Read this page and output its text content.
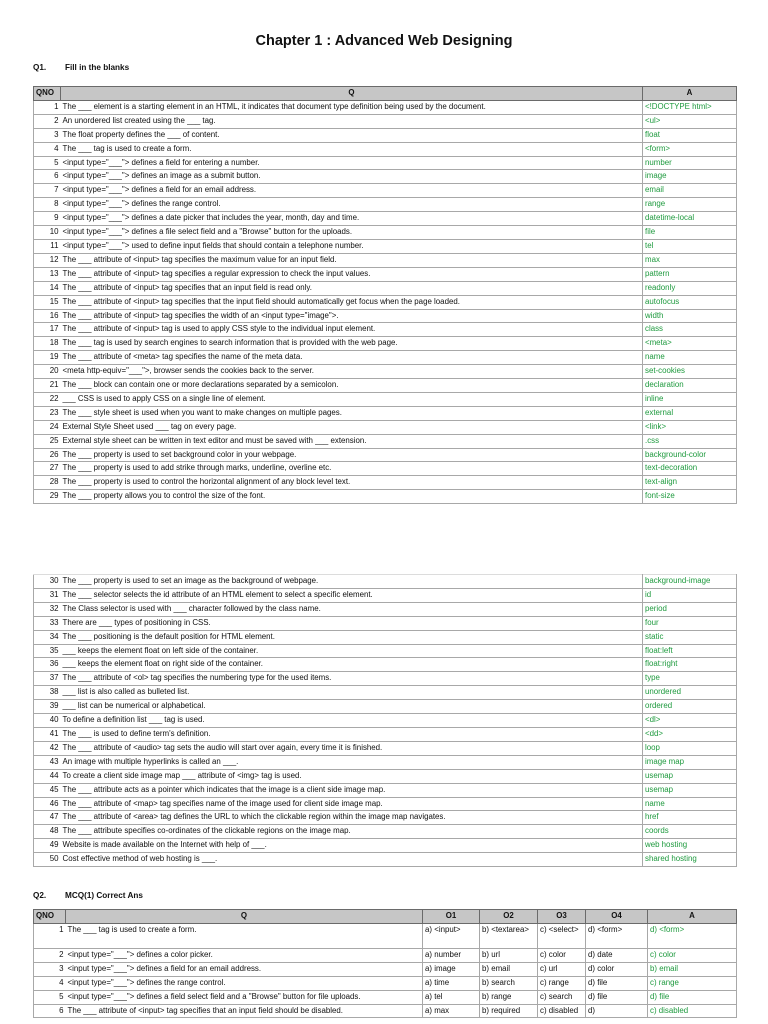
Chapter 1 : Advanced Web Designing
Q1. Fill in the blanks
QNO	Q	A
1	The ___ element is a starting element in an HTML, it indicates that document type definition being used by the document.	<!DOCTYPE html>
2	An unordered list created using the ___ tag.	<ul>
3	The float property defines the ___ of content.	float
4	The ___ tag is used to create a form.	<form>
5	<input type="___"> defines a field for entering a number.	number
6	<input type="___"> defines an image as a submit button.	image
7	<input type="___"> defines a field for an email address.	email
8	<input type="___"> defines the range control.	range
9	<input type="___"> defines a date picker that includes the year, month, day and time.	datetime-local
10	<input type="___"> defines a file select field and a "Browse" button for the uploads.	file
11	<input type="___"> used to define input fields that should contain a telephone number.	tel
12	The ___ attribute of <input> tag specifies the maximum value for an input field.	max
13	The ___ attribute of <input> tag specifies a regular expression to check the input values.	pattern
14	The ___ attribute of <input> tag specifies that an input field is read only.	readonly
15	The ___ attribute of <input> tag specifies that the input field should automatically get focus when the page loaded.	autofocus
16	The ___ attribute of <input> tag specifies the width of an <input type="image">.	width
17	The ___ attribute of <input> tag is used to apply CSS style to the individual input element.	class
18	The ___ tag is used by search engines to search information that is provided with the web page.	<meta>
19	The ___ attribute of <meta> tag specifies the name of the meta data.	name
20	<meta http-equiv="___">, browser sends the cookies back to the server.	set-cookies
21	The ___ block can contain one or more declarations separated by a semicolon.	declaration
22	___ CSS is used to apply CSS on a single line of element.	inline
23	The ___ style sheet is used when you want to make changes on multiple pages.	external
24	External Style Sheet used ___ tag on every page.	<link>
25	External style sheet can be written in text editor and must be saved with ___ extension.	.css
26	The ___ property is used to set background color in your webpage.	background-color
27	The ___ property is used to add strike through marks, underline, overline etc.	text-decoration
28	The ___ property is used to control the horizontal alignment of any block level text.	text-align
29	The ___ property allows you to control the size of the font.	font-size
30	The ___ property is used to set an image as the background of webpage.	background-image
31	The ___ selector selects the id attribute of an HTML element to select a specific element.	id
32	The Class selector is used with ___ character followed by the class name.	period
33	There are ___ types of positioning in CSS.	four
34	The ___ positioning is the default position for HTML element.	static
35	___ keeps the element float on left side of the container.	float:left
36	___ keeps the element float on right side of the container.	float:right
37	The ___ attribute of <ol> tag specifies the numbering type for the used items.	type
38	___ list is also called as bulleted list.	unordered
39	___ list can be numerical or alphabetical.	ordered
40	To define a definition list ___ tag is used.	<dl>
41	The ___ is used to define term's definition.	<dd>
42	The ___ attribute of <audio> tag sets the audio will start over again, every time it is finished.	loop
43	An image with multiple hyperlinks is called an ___.	image map
44	To create a client side image map ___ attribute of <img> tag is used.	usemap
45	The ___ attribute acts as a pointer which indicates that the image is a client side image map.	usemap
46	The ___ attribute of <map> tag specifies name of the image used for client side image map.	name
47	The ___ attribute of <area> tag defines the URL to which the clickable region within the image map navigates.	href
48	The ___ attribute specifies co-ordinates of the clickable regions on the image map.	coords
49	Website is made available on the Internet with help of ___.	web hosting
50	Cost effective method of web hosting is ___.	shared hosting
Q2. MCQ(1) Correct Ans
QNO	Q	O1	O2	O3	O4	A
1	The ___ tag is used to create a form.	a) <input>	b) <textarea>	c) <select>	d) <form>	d) <form>
2	<input type="___"> defines a color picker.	a) number	b) url	c) color	d) date	c) color
3	<input type="___"> defines a field for an email address.	a) image	b) email	c) url	d) color	b) email
4	<input type="___"> defines the range control.	a) time	b) search	c) range	d) file	c) range
5	<input type="___"> defines a field select field and a "Browse" button for file uploads.	a) tel	b) range	c) search	d) file	d) file
6	The ___ attribute of <input> tag specifies that an input field should be disabled.	a) max	b) required	c) disabled	d)	c) disabled
